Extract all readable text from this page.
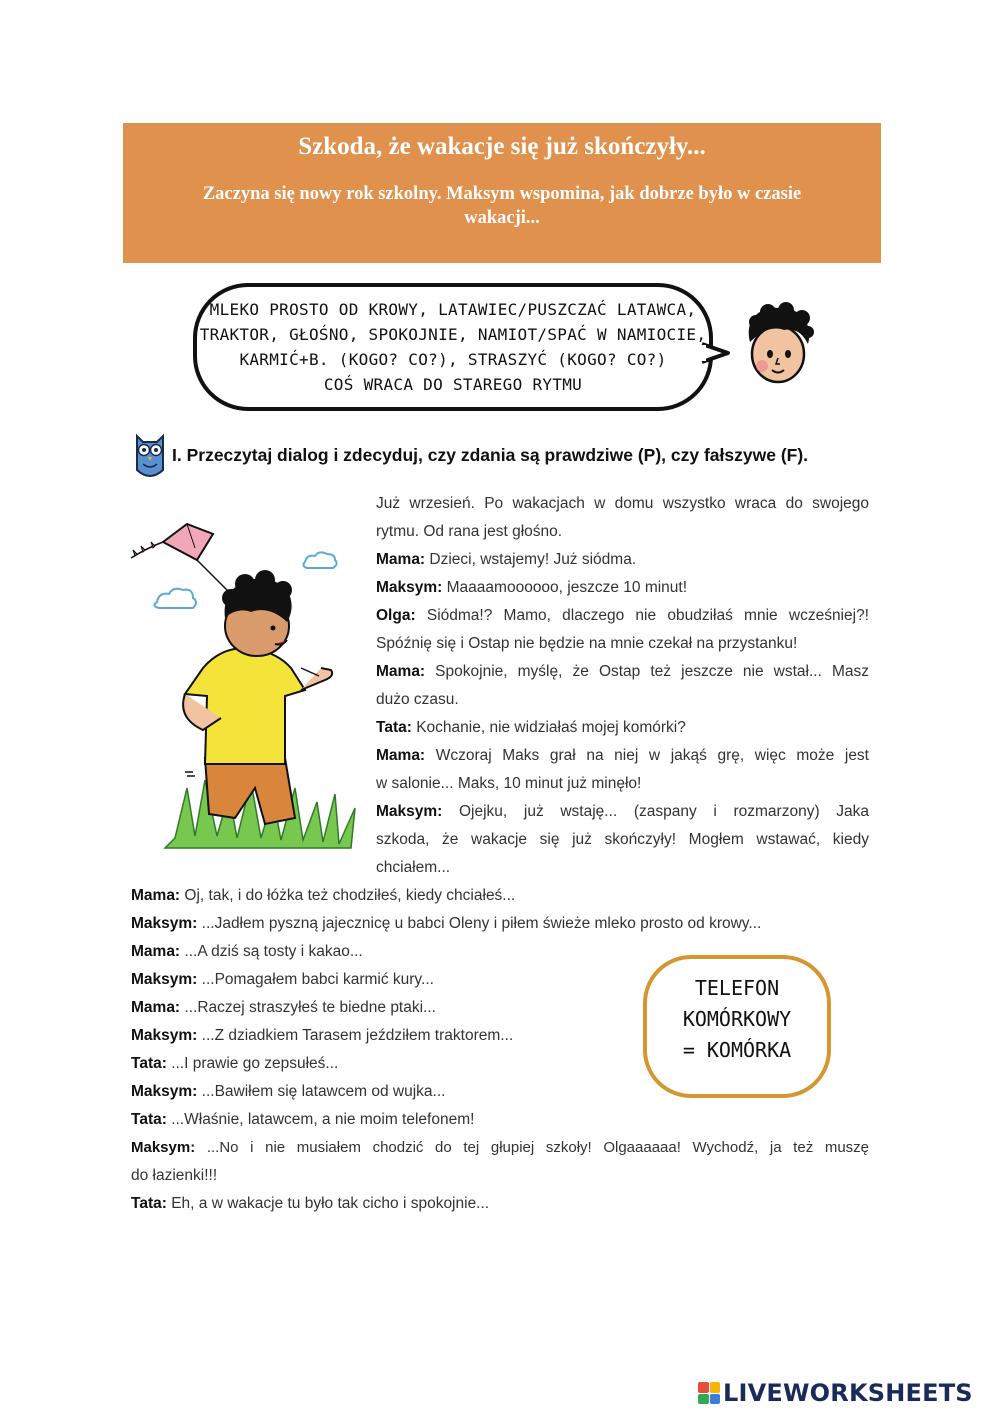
Szkoda, że wakacje się już skończyły...
Zaczyna się nowy rok szkolny. Maksym wspomina, jak dobrze było w czasie wakacji...
MLEKO PROSTO OD KROWY, LATAWIEC/PUSZCZAĆ LATAWCA,
TRAKTOR, GŁOŚNO, SPOKOJNIE, NAMIOT/SPAĆ W NAMIOCIE,
KARMIĆ+B. (KOGO? CO?), STRASZYĆ (KOGO? CO?)
COŚ WRACA DO STAREGO RYTMU
I. Przeczytaj dialog i zdecyduj, czy zdania są prawdziwe (P), czy fałszywe (F).
Już wrzesień. Po wakacjach w domu wszystko wraca do swojego
rytmu. Od rana jest głośno.
Mama: Dzieci, wstajemy! Już siódma.
Maksym: Maaaamoooooo, jeszcze 10 minut!
Olga: Siódma!? Mamo, dlaczego nie obudziłaś mnie wcześniej?!
Spóźnię się i Ostap nie będzie na mnie czekał na przystanku!
Mama: Spokojnie, myślę, że Ostap też jeszcze nie wstał... Masz
dużo czasu.
Tata: Kochanie, nie widziałaś mojej komórki?
Mama: Wczoraj Maks grał na niej w jakąś grę, więc może jest
w salonie... Maks, 10 minut już minęło!
Maksym: Ojejku, już wstaję... (zaspany i rozmarzony) Jaka
szkoda, że wakacje się już skończyły! Mogłem wstawać, kiedy
chciałem...
Mama: Oj, tak, i do łóżka też chodziłeś, kiedy chciałeś...
Maksym: ...Jadłem pyszną jajecznicę u babci Oleny i piłem świeże mleko prosto od krowy...
Mama: ...A dziś są tosty i kakao...
Maksym: ...Pomagałem babci karmić kury...
Mama: ...Raczej straszyłeś te biedne ptaki...
Maksym: ...Z dziadkiem Tarasem jeździłem traktorem...
Tata: ...I prawie go zepsułeś...
Maksym: ...Bawiłem się latawcem od wujka...
Tata: ...Właśnie, latawcem, a nie moim telefonem!
Maksym: ...No i nie musiałem chodzić do tej głupiej szkoły! Olgaaaaaa! Wychodź, ja też muszę
do łazienki!!!
Tata: Eh, a w wakacje tu było tak cicho i spokojnie...
TELEFON
KOMÓRKOWY
= KOMÓRKA
LIVEWORKSHEETS
